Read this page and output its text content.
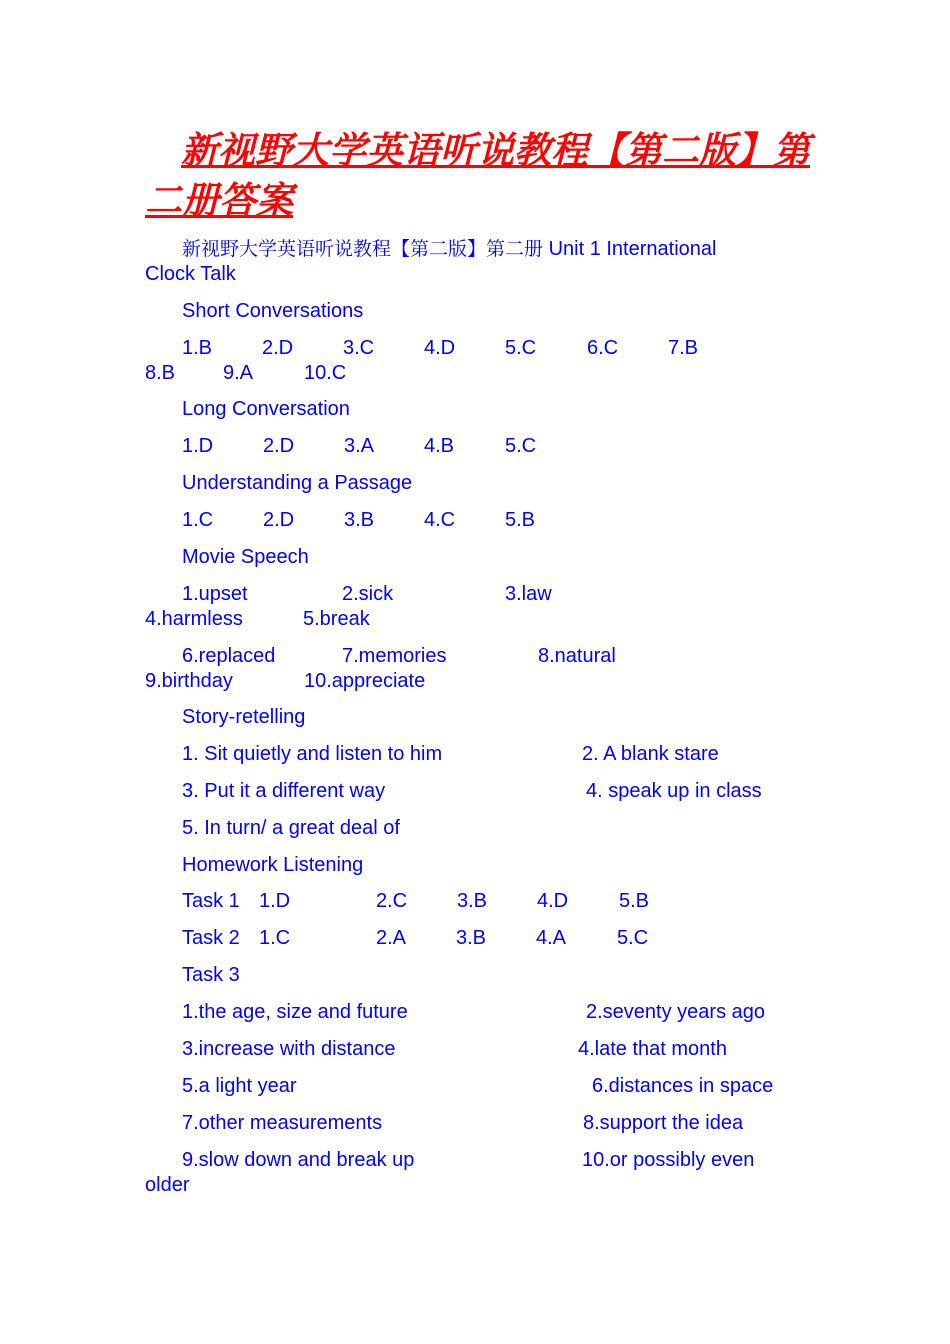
新视野大学英语听说教程【第二版】第
二册答案
新视野大学英语听说教程【第二版】第二册 Unit 1 International
Clock Talk
Short Conversations
1.B 2.D 3.C 4.D 5.C	6.C 7.B
8.B 9.A	10.C
Long Conversation
1.D 2.D 3.A 4.B	5.C
Understanding a Passage
1.C 2.D 3.B 4.C 5.B
Movie Speech
1.upset	2.sick	3.law
4.harmless	5.break
6.replaced	7.memories	8.natural
9.birthday	10.appreciate
Story-retelling
1. Sit quietly and listen to him	2. A blank stare
3. Put it a different way	4. speak up in class
5. In turn/ a great deal of
Homework Listening
Task 1 1.D	2.C 3.B 4.D	5.B
Task 2 1.C	2.A 3.B 4.A	5.C
Task 3
1.the age, size and future	2.seventy years ago
3.increase with distance	4.late that month
5.a light year	6.distances in space
7.other measurements	8.support the idea
9.slow down and break up	10.or possibly even
older
